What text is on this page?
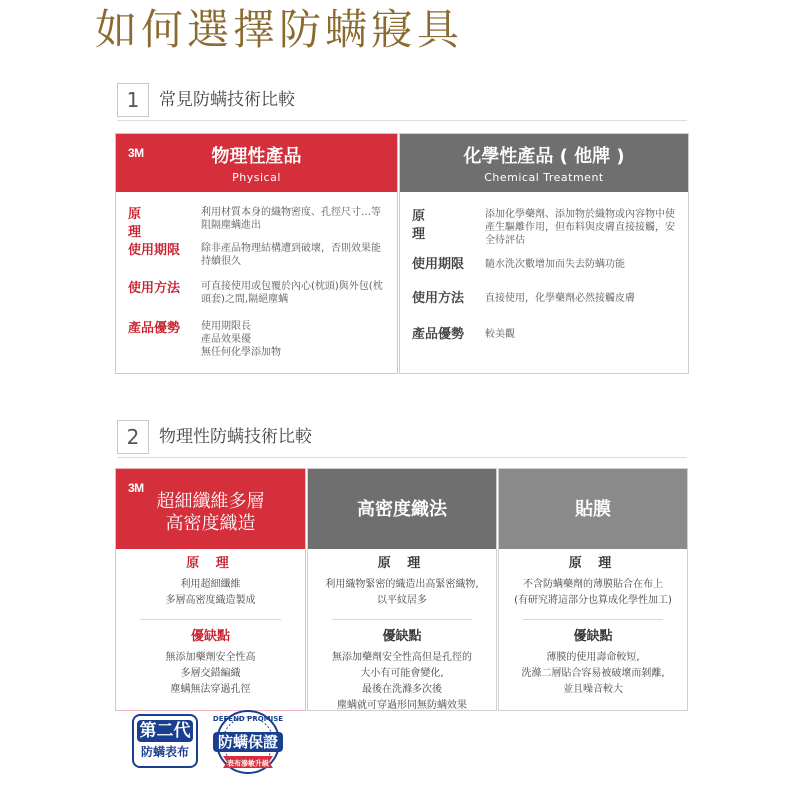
如何選擇防螨寢具
1	常見防螨技術比較
3M	物理性產品
Physical
原 理
利用材質本身的織物密度、孔徑尺寸…等阻隔塵螨進出
使用期限	除非產品物理結構遭到破壞，否則效果能持續很久
使用方法	可直接使用或包覆於內心(枕頭)與外包(枕頭套)之間,隔絕塵螨
產品優勢	使用期限長
產品效果優
無任何化學添加物
化學性產品 ( 他牌 )
Chemical Treatment
原 理
添加化學藥劑、添加物於織物或內容物中使產生驅離作用，但布料與皮膚直接接觸，安全待評估
使用期限	隨水洗次數增加而失去防螨功能
使用方法	直接使用，化學藥劑必然接觸皮膚
產品優勢	較美觀
2	物理性防螨技術比較
3M
超細纖維多層
高密度織造
原 理
利用超細纖維
多層高密度織造製成
優缺點
無添加藥劑安全性高
多層交錯編織
塵螨無法穿過孔徑
高密度織法
原 理
利用織物緊密的織造出高緊密織物,
以平紋居多
優缺點
無添加藥劑安全性高但是孔徑的
大小有可能會變化,
最後在洗滌多次後
塵螨就可穿過形同無防螨效果
貼膜
原 理
不含防螨藥劑的薄膜貼合在布上
(有研究將這部分也算成化學性加工)
優缺點
薄膜的使用壽命較短,
洗滌二層貼合容易被破壞而剝離,
並且噪音較大
第二代
防螨表布
DEFEND PROMISE
防螨保證
表布滲敏升級
